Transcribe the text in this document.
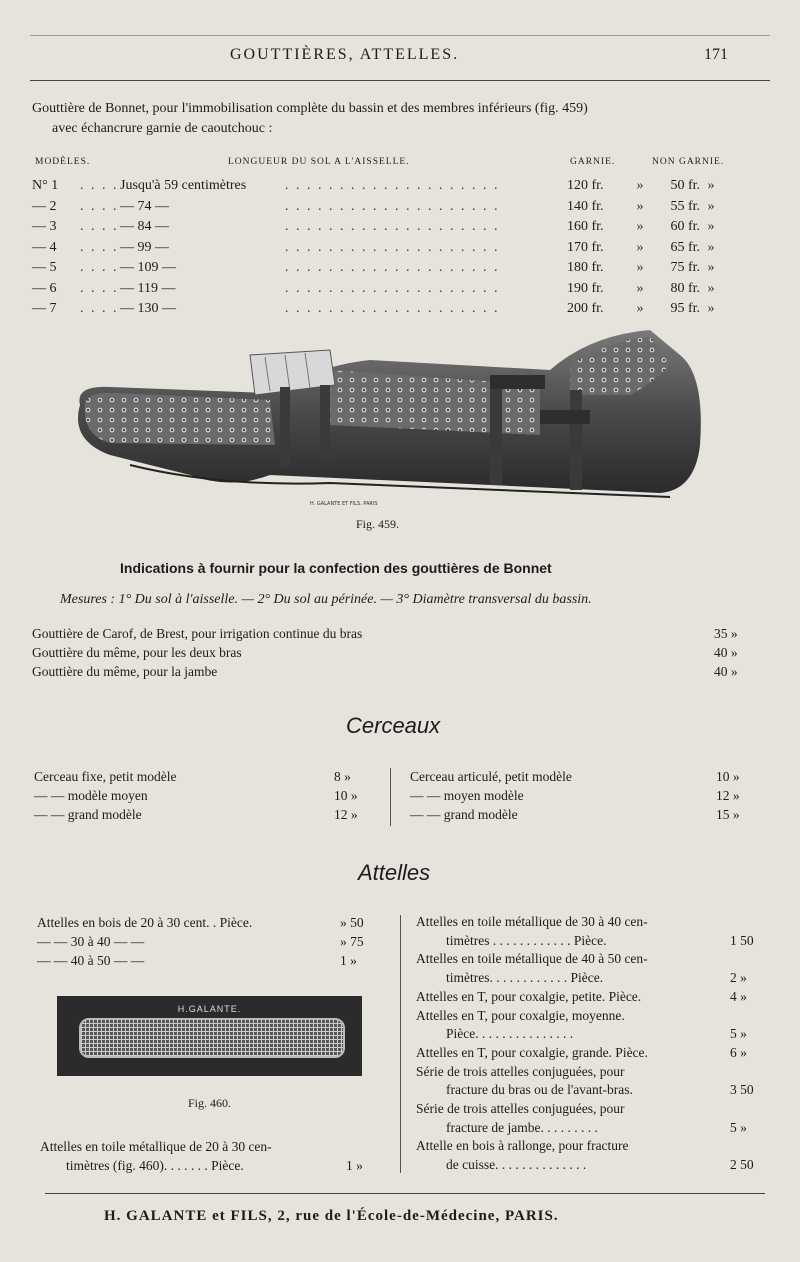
GOUTTIÈRES, ATTELLES.	171
Gouttière de Bonnet, pour l'immobilisation complète du bassin et des membres inférieurs (fig. 459)
avec échancrure garnie de caoutchouc :
MODÈLES.	LONGUEUR DU SOL A L'AISSELLE.	GARNIE.	NON GARNIE.
N° 1	. . . .	Jusqu'à 59 centimètres	. . . . . . . . . . . . . . . . . . . .	120 fr.	»	50 fr.	»
— 2	. . . .	— 74 —	. . . . . . . . . . . . . . . . . . . .	140 fr.	»	55 fr.	»
— 3	. . . .	— 84 —	. . . . . . . . . . . . . . . . . . . .	160 fr.	»	60 fr.	»
— 4	. . . .	— 99 —	. . . . . . . . . . . . . . . . . . . .	170 fr.	»	65 fr.	»
— 5	. . . .	— 109 —	. . . . . . . . . . . . . . . . . . . .	180 fr.	»	75 fr.	»
— 6	. . . .	— 119 —	. . . . . . . . . . . . . . . . . . . .	190 fr.	»	80 fr.	»
— 7	. . . .	— 130 —	. . . . . . . . . . . . . . . . . . . .	200 fr.	»	95 fr.	»
H. GALANTE ET FILS. PARIS
Fig. 459.
Indications à fournir pour la confection des gouttières de Bonnet
Mesures : 1° Du sol à l'aisselle. — 2° Du sol au périnée. — 3° Diamètre transversal du bassin.
Gouttière de Carof, de Brest, pour irrigation continue du bras	35 »
Gouttière du même, pour les deux bras	40 »
Gouttière du même, pour la jambe	40 »
Cerceaux
Cerceau fixe, petit modèle	8 »
— — modèle moyen	10 »
— — grand modèle	12 »
Cerceau articulé, petit modèle	10 »
— — moyen modèle	12 »
— — grand modèle	15 »
Attelles
Attelles en bois de 20 à 30 cent. . Pièce.	» 50
— — 30 à 40 — —	» 75
— — 40 à 50 — —	1 »
H.GALANTE.
Fig. 460.
Attelles en toile métallique de 20 à 30 cen-
timètres (fig. 460). . . . . . . Pièce.	1 »
Attelles en toile métallique de 30 à 40 cen-
timètres . . . . . . . . . . . . Pièce.	1 50
Attelles en toile métallique de 40 à 50 cen-
timètres. . . . . . . . . . . . Pièce.	2 »
Attelles en T, pour coxalgie, petite. Pièce.	4 »
Attelles en T, pour coxalgie, moyenne.
Pièce. . . . . . . . . . . . . . .	5 »
Attelles en T, pour coxalgie, grande. Pièce.	6 »
Série de trois attelles conjuguées, pour
fracture du bras ou de l'avant-bras.	3 50
Série de trois attelles conjuguées, pour
fracture de jambe. . . . . . . . .	5 »
Attelle en bois à rallonge, pour fracture
de cuisse. . . . . . . . . . . . . .	2 50
H. GALANTE et FILS, 2, rue de l'École-de-Médecine, PARIS.
